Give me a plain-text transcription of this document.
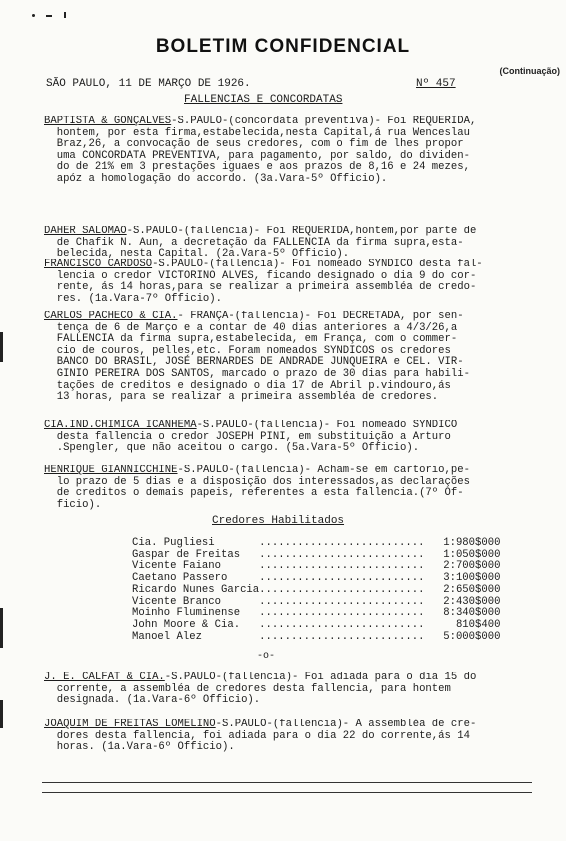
BOLETIM CONFIDENCIAL
(Continuação)
SÃO PAULO, 11 DE MARÇO DE 1926.	Nº 457
FALLENCIAS E CONCORDATAS
BAPTISTA & GONÇALVES-S.PAULO-(concordata preventiva)- Foi REQUERIDA,
hontem, por esta firma,estabelecida,nesta Capital,á rua Wenceslau
Braz,26, a convocação de seus credores, com o fim de lhes propor
uma CONCORDATA PREVENTIVA, para pagamento, por saldo, do dividen-
do de 21% em 3 prestações iguaes e aos prazos de 8,16 e 24 mezes,
apóz a homologação do accordo. (3a.Vara-5º Officio).
DAHER SALOMÃO-S.PAULO-(fallencia)- Foi REQUERIDA,hontem,por parte de
de Chafik N. Aun, a decretação da FALLENCIA da firma supra,esta-
belecida, nesta Capital. (2a.Vara-5º Officio).
FRANCISCO CARDOSO-S.PAULO-(fallencia)- Foi nomeado SYNDICO desta fal-
lencia o credor VICTORINO ALVES, ficando designado o dia 9 do cor-
rente, ás 14 horas,para se realizar a primeira assembléa de credo-
res. (1a.Vara-7º Officio).
CARLOS PACHECO & CIA.- FRANÇA-(fallencia)- Foi DECRETADA, por sen-
tença de 6 de Março e a contar de 40 dias anteriores a 4/3/26,a
FALLENCIA da firma supra,estabelecida, em França, com o commer-
cio de couros, pelles,etc. Foram nomeados SYNDICOS os credores
BANCO DO BRASIL, JOSÉ BERNARDES DE ANDRADE JUNQUEIRA e CEL. VIR-
GINIO PEREIRA DOS SANTOS, marcado o prazo de 30 dias para habili-
tações de creditos e designado o dia 17 de Abril p.vindouro,ás
13 horas, para se realizar a primeira assembléa de credores.
CIA.IND.CHIMICA ICANHEMA-S.PAULO-(fallencia)- Foi nomeado SYNDICO
desta fallencia o credor JOSEPH PINI, em substituição a Arturo
.Spengler, que não aceitou o cargo. (5a.Vara-5º Officio).
HENRIQUE GIANNICCHINE-S.PAULO-(fallencia)- Acham-se em cartorio,pe-
lo prazo de 5 dias e a disposição dos interessados,as declarações
de creditos o demais papeis, referentes a esta fallencia.(7º Of-
ficio).
J. E. CALFAT & CIA.-S.PAULO-(fallencia)- Foi adiada para o dia 15 do
corrente, a assembléa de credores desta fallencia, para hontem
designada. (1a.Vara-6º Officio).
JOAQUIM DE FREITAS LOMELINO-S.PAULO-(fallencia)- A assembléa de cre-
dores desta fallencia, foi adiada para o dia 22 do corrente,ás 14
horas. (1a.Vara-6º Officio).
Credores Habilitados
Cia. Pugliesi	..........................	1:980$000
Gaspar de Freitas	..........................	1:050$000
Vicente Faiano	..........................	2:700$000
Caetano Passero	..........................	3:100$000
Ricardo Nunes Garcia	..........................	2:650$000
Vicente Branco	..........................	2:430$000
Moinho Fluminense	..........................	8:340$000
John Moore & Cia.	..........................	810$400
Manoel Alez	..........................	5:000$000
-o-
